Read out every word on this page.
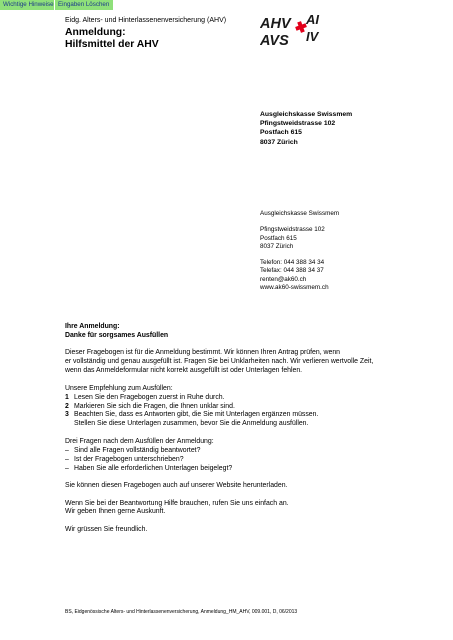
Wichtige Hinweise Eingaben Löschen
Eidg. Alters- und Hinterlassenenversicherung (AHV)
Anmeldung:
Hilfsmittel der AHV
AHV
AVS
AI
IV
Ausgleichskasse Swissmem
Pfingstweidstrasse 102
Postfach 615
8037 Zürich
Ausgleichskasse Swissmem
Pfingstweidstrasse 102
Postfach 615
8037 Zürich
Telefon: 044 388 34 34
Telefax: 044 388 34 37
renten@ak60.ch
www.ak60-swissmem.ch
Ihre Anmeldung:
Danke für sorgsames Ausfüllen
Dieser Fragebogen ist für die Anmeldung bestimmt. Wir können Ihren Antrag prüfen, wenn
er vollständig und genau ausgefüllt ist. Fragen Sie bei Unklarheiten nach. Wir verlieren wertvolle Zeit,
wenn das Anmeldeformular nicht korrekt ausgefüllt ist oder Unterlagen fehlen.
Unsere Empfehlung zum Ausfüllen:
1 Lesen Sie den Fragebogen zuerst in Ruhe durch.
2 Markieren Sie sich die Fragen, die Ihnen unklar sind.
3 Beachten Sie, dass es Antworten gibt, die Sie mit Unterlagen ergänzen müssen.
Stellen Sie diese Unterlagen zusammen, bevor Sie die Anmeldung ausfüllen.
Drei Fragen nach dem Ausfüllen der Anmeldung:
– Sind alle Fragen vollständig beantwortet?
– Ist der Fragebogen unterschrieben?
– Haben Sie alle erforderlichen Unterlagen beigelegt?
Sie können diesen Fragebogen auch auf unserer Website herunterladen.
Wenn Sie bei der Beantwortung Hilfe brauchen, rufen Sie uns einfach an.
Wir geben Ihnen gerne Auskunft.
Wir grüssen Sie freundlich.
BS, Eidgenössische Alters- und Hinterlassenenversicherung, Anmeldung_HM_AHV, 009.001, D, 06/2013
